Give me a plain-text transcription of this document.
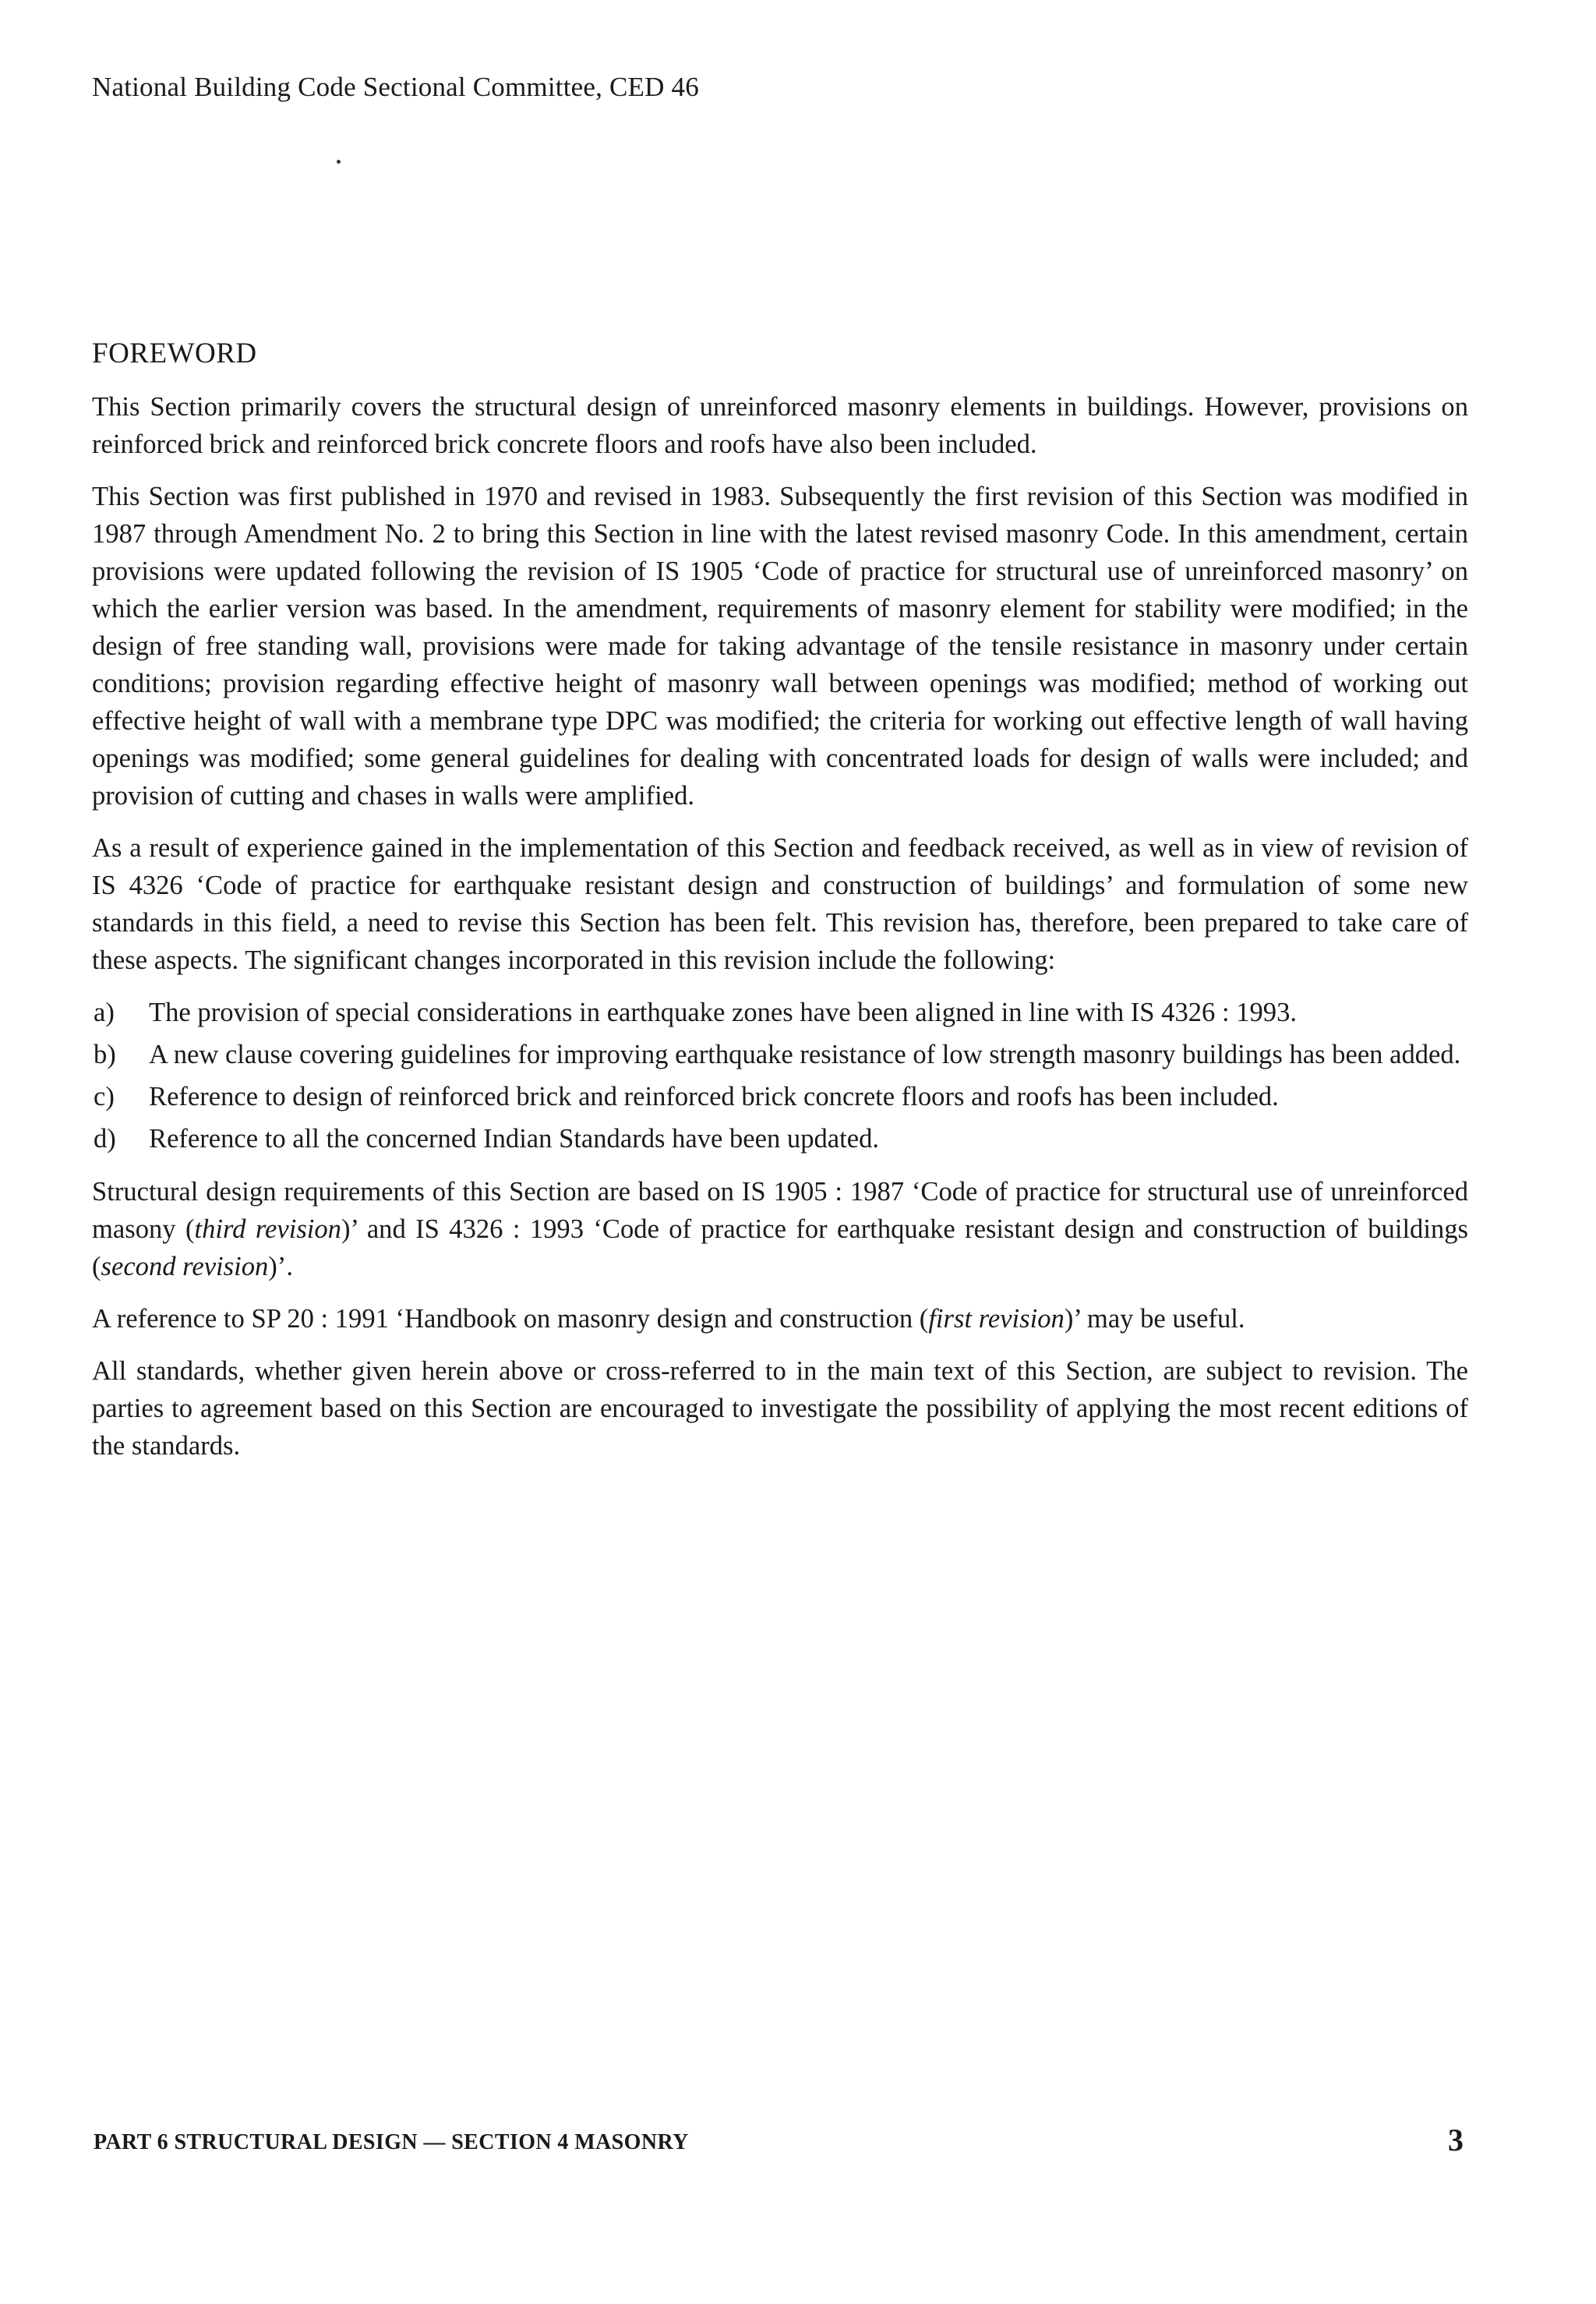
National Building Code Sectional Committee, CED 46
FOREWORD

This Section primarily covers the structural design of unreinforced masonry elements in buildings. However, provisions on reinforced brick and reinforced brick concrete floors and roofs have also been included.

This Section was first published in 1970 and revised in 1983. Subsequently the first revision of this Section was modified in 1987 through Amendment No. 2 to bring this Section in line with the latest revised masonry Code. In this amendment, certain provisions were updated following the revision of IS 1905 ‘Code of practice for structural use of unreinforced masonry’ on which the earlier version was based. In the amendment, requirements of masonry element for stability were modified; in the design of free standing wall, provisions were made for taking advantage of the tensile resistance in masonry under certain conditions; provision regarding effective height of masonry wall between openings was modified; method of working out effective height of wall with a membrane type DPC was modified; the criteria for working out effective length of wall having openings was modified; some general guidelines for dealing with concentrated loads for design of walls were included; and provision of cutting and chases in walls were amplified.

As a result of experience gained in the implementation of this Section and feedback received, as well as in view of revision of IS 4326 ‘Code of practice for earthquake resistant design and construction of buildings’ and formulation of some new standards in this field, a need to revise this Section has been felt. This revision has, therefore, been prepared to take care of these aspects. The significant changes incorporated in this revision include the following:

a)	The provision of special considerations in earthquake zones have been aligned in line with IS 4326 : 1993.
b)	A new clause covering guidelines for improving earthquake resistance of low strength masonry buildings has been added.
c)	Reference to design of reinforced brick and reinforced brick concrete floors and roofs has been included.
d)	Reference to all the concerned Indian Standards have been updated.

Structural design requirements of this Section are based on IS 1905 : 1987 ‘Code of practice for structural use of unreinforced masony (third revision)’ and IS 4326 : 1993 ‘Code of practice for earthquake resistant design and construction of buildings (second revision)’.

A reference to SP 20 : 1991 ‘Handbook on masonry design and construction (first revision)’ may be useful.

All standards, whether given herein above or cross-referred to in the main text of this Section, are subject to revision. The parties to agreement based on this Section are encouraged to investigate the possibility of applying the most recent editions of the standards.

PART 6 STRUCTURAL DESIGN — SECTION 4 MASONRY	3
